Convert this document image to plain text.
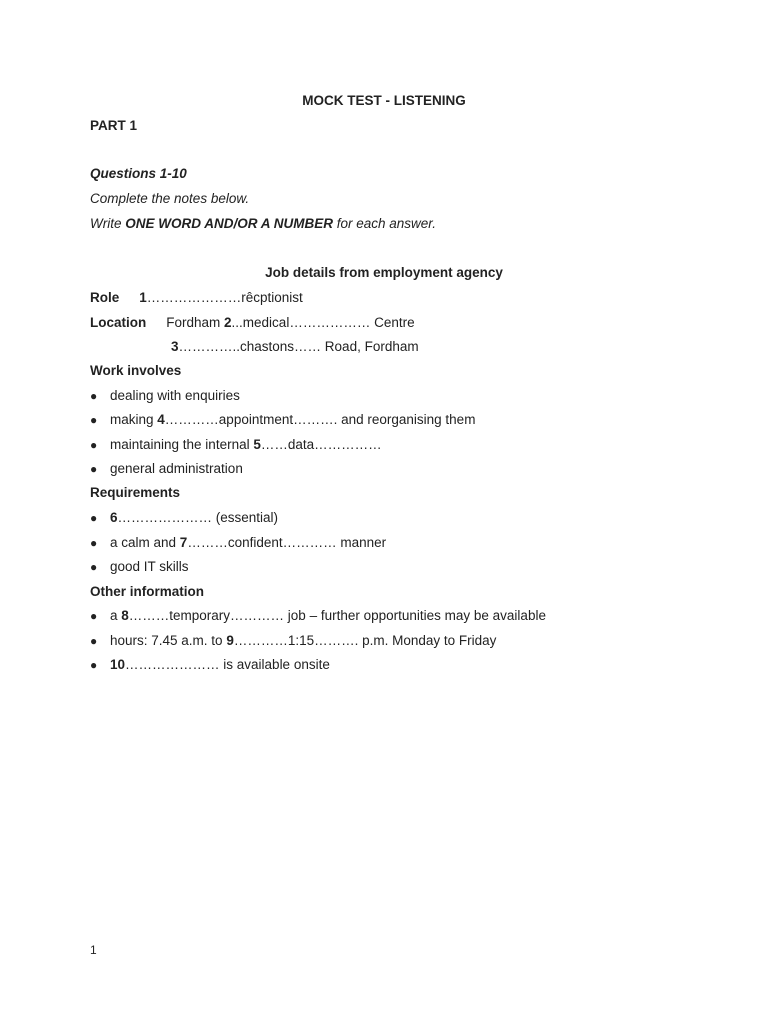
MOCK TEST - LISTENING
PART 1
Questions 1-10
Complete the notes below.
Write ONE WORD AND/OR A NUMBER for each answer.
Job details from employment agency
Role 1…………………rêcptionist
Location Fordham 2...medical……………… Centre
3…………..chastons…… Road, Fordham
Work involves
● dealing with enquiries
● making 4…………appointment………. and reorganising them
● maintaining the internal 5……data……………
● general administration
Requirements
● 6………………… (essential)
● a calm and 7………confident………… manner
● good IT skills
Other information
● a 8………temporary………… job – further opportunities may be available
● hours: 7.45 a.m. to 9…………1:15………. p.m. Monday to Friday
● 10………………… is available onsite
1
